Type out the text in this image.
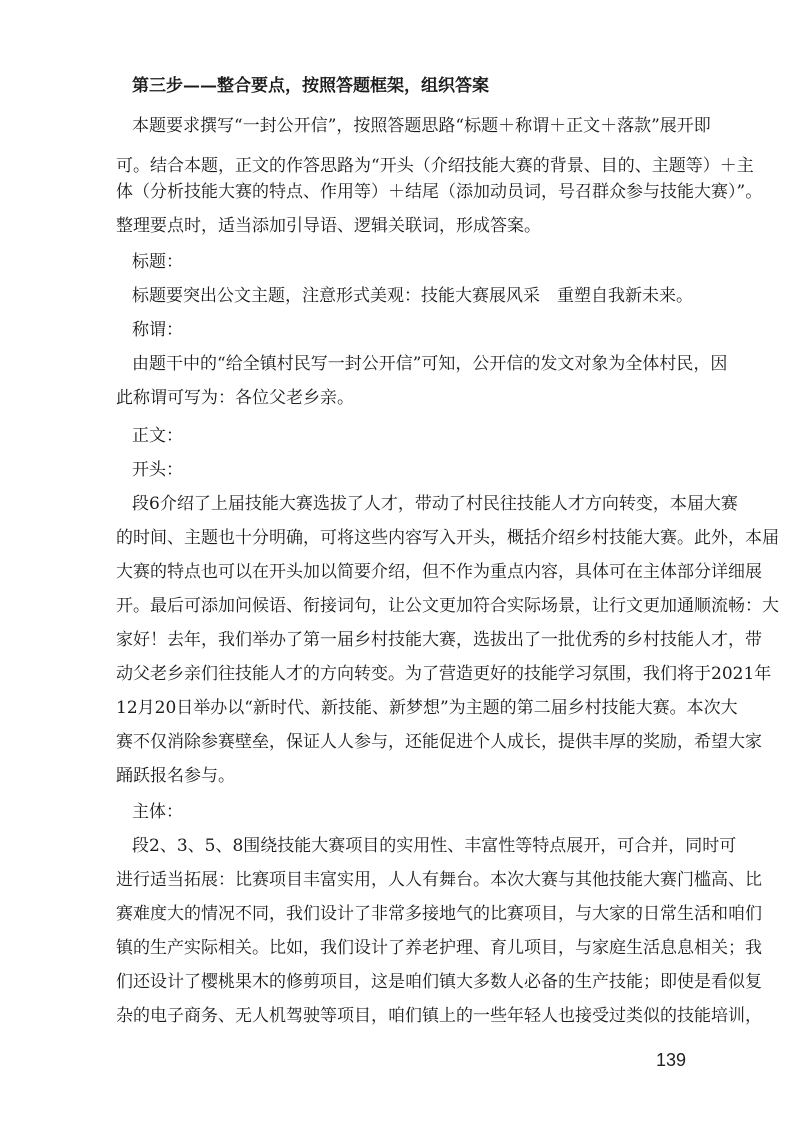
第三步——整合要点，按照答题框架，组织答案
本题要求撰写“一封公开信”，按照答题思路“标题＋称谓＋正文＋落款”展开即
可。结合本题，正文的作答思路为“开头（介绍技能大赛的背景、目的、主题等）＋主
体（分析技能大赛的特点、作用等）＋结尾（添加动员词，号召群众参与技能大赛）”。
整理要点时，适当添加引导语、逻辑关联词，形成答案。
标题：
标题要突出公文主题，注意形式美观：技能大赛展风采　重塑自我新未来。
称谓：
由题干中的“给全镇村民写一封公开信”可知，公开信的发文对象为全体村民，因
此称谓可写为：各位父老乡亲。
正文：
开头：
段6介绍了上届技能大赛选拔了人才，带动了村民往技能人才方向转变，本届大赛
的时间、主题也十分明确，可将这些内容写入开头，概括介绍乡村技能大赛。此外，本届
大赛的特点也可以在开头加以简要介绍，但不作为重点内容，具体可在主体部分详细展
开。最后可添加问候语、衔接词句，让公文更加符合实际场景，让行文更加通顺流畅：大
家好！去年，我们举办了第一届乡村技能大赛，选拔出了一批优秀的乡村技能人才，带
动父老乡亲们往技能人才的方向转变。为了营造更好的技能学习氛围，我们将于2021年
12月20日举办以“新时代、新技能、新梦想”为主题的第二届乡村技能大赛。本次大
赛不仅消除参赛壁垒，保证人人参与，还能促进个人成长，提供丰厚的奖励，希望大家
踊跃报名参与。
主体：
段2、3、5、8围绕技能大赛项目的实用性、丰富性等特点展开，可合并，同时可
进行适当拓展：比赛项目丰富实用，人人有舞台。本次大赛与其他技能大赛门槛高、比
赛难度大的情况不同，我们设计了非常多接地气的比赛项目，与大家的日常生活和咱们
镇的生产实际相关。比如，我们设计了养老护理、育儿项目，与家庭生活息息相关；我
们还设计了樱桃果木的修剪项目，这是咱们镇大多数人必备的生产技能；即使是看似复
杂的电子商务、无人机驾驶等项目，咱们镇上的一些年轻人也接受过类似的技能培训，
139
